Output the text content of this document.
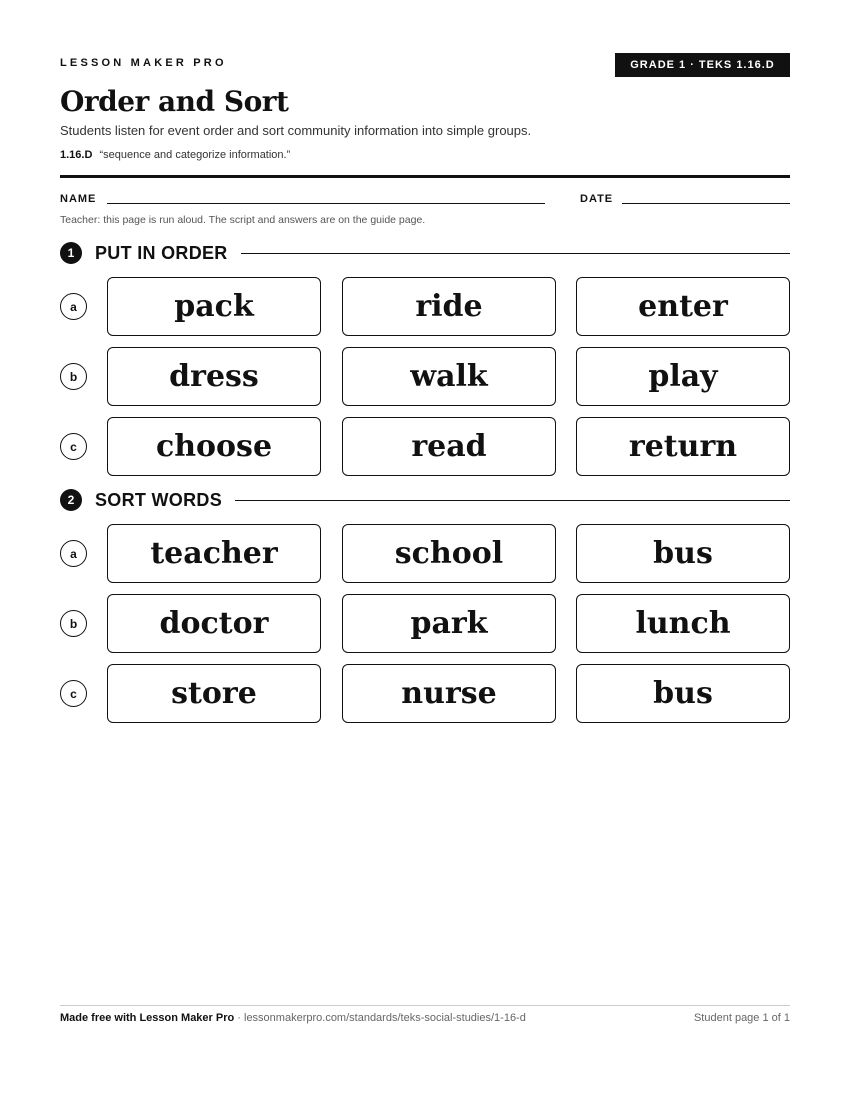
LESSON MAKER PRO	GRADE 1 · TEKS 1.16.D
Order and Sort
Students listen for event order and sort community information into simple groups.
1.16.D “sequence and categorize information.”
NAME	DATE
Teacher: this page is run aloud. The script and answers are on the guide page.
1	PUT IN ORDER
a	pack	ride	enter
b	dress	walk	play
c	choose	read	return
2	SORT WORDS
a	teacher	school	bus
b	doctor	park	lunch
c	store	nurse	bus
Made free with Lesson Maker Pro · lessonmakerpro.com/standards/teks-social-studies/1-16-d	Student page 1 of 1
